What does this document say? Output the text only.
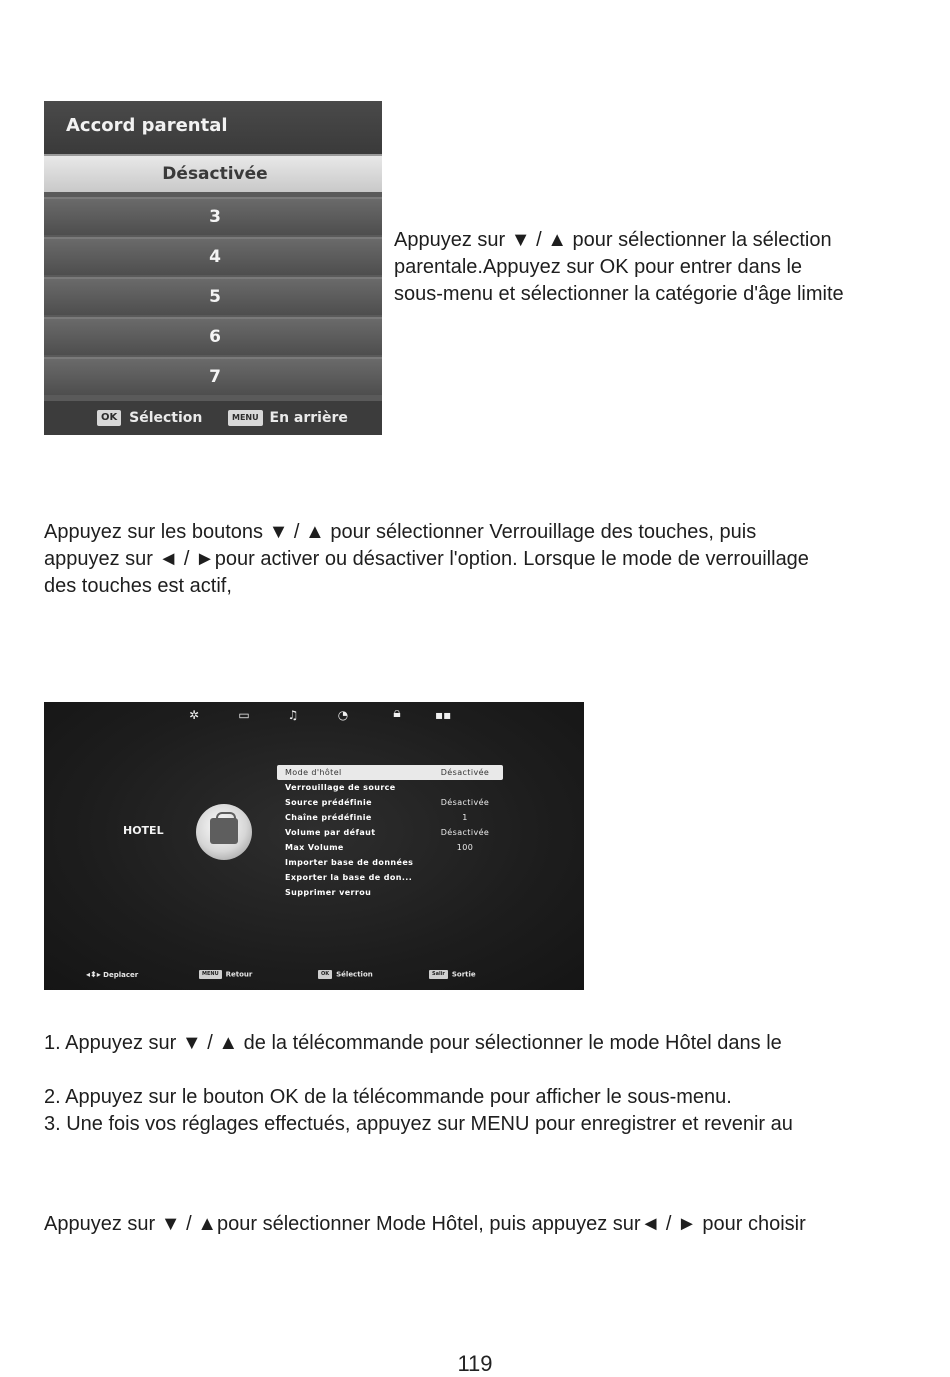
Accord parental
Désactivée
3
4
5
6
7
OK Sélection	MENU En arrière

Appuyez sur ▼ / ▲ pour sélectionner la sélection
parentale.Appuyez sur OK pour entrer dans le
sous-menu et sélectionner la catégorie d'âge limite

Appuyez sur les boutons ▼ / ▲ pour sélectionner Verrouillage des touches, puis
appuyez sur ◄ / ►pour activer ou désactiver l'option. Lorsque le mode de verrouillage
des touches est actif,

✲	▭	♫	◔	🔒︎	▪▪
HOTEL
Mode d'hôtel	Désactivée
Verrouillage de source
Source prédéfinie	Désactivée
Chaîne prédéfinie	1
Volume par défaut	Désactivée
Max Volume	100
Importer base de données
Exporter la base de don...
Supprimer verrou
◂⬍▸ Deplacer	MENU Retour	OK Sélection	Salir Sortie

1. Appuyez sur ▼ / ▲ de la télécommande pour sélectionner le mode Hôtel dans le
2. Appuyez sur le bouton OK de la télécommande pour afficher le sous-menu.
3. Une fois vos réglages effectués, appuyez sur MENU pour enregistrer et revenir au

Appuyez sur ▼ / ▲pour sélectionner Mode Hôtel, puis appuyez sur◄ / ► pour choisir

119
